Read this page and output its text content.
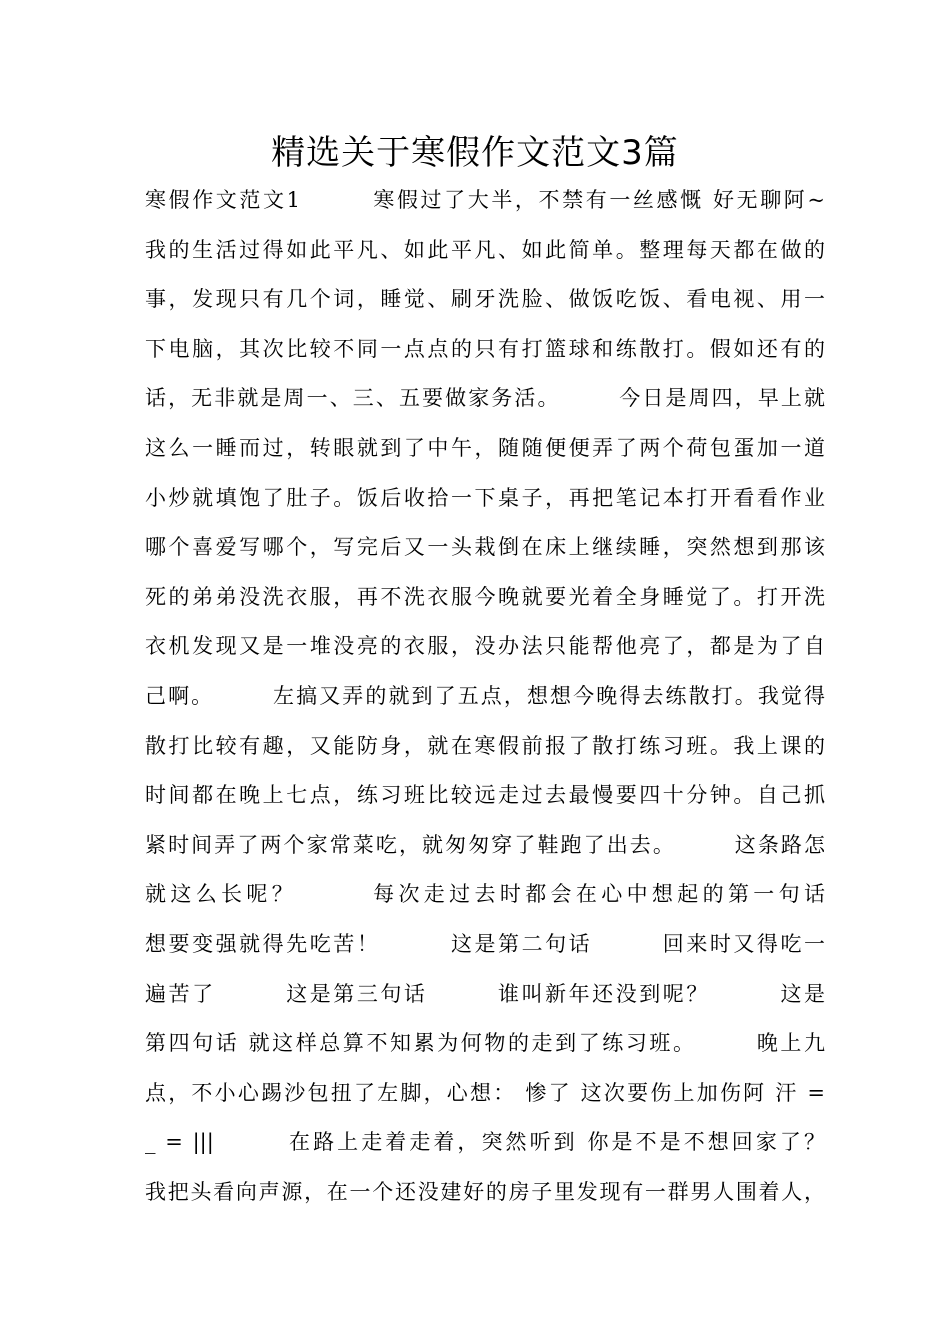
精选关于寒假作文范文3篇
寒假作文范文1　　　寒假过了大半，不禁有一丝感慨 好无聊阿~
我的生活过得如此平凡、如此平凡、如此简单。整理每天都在做的
事，发现只有几个词，睡觉、刷牙洗脸、做饭吃饭、看电视、用一
下电脑，其次比较不同一点点的只有打篮球和练散打。假如还有的
话，无非就是周一、三、五要做家务活。　　　今日是周四，早上就
这么一睡而过，转眼就到了中午，随随便便弄了两个荷包蛋加一道
小炒就填饱了肚子。饭后收拾一下桌子，再把笔记本打开看看作业
哪个喜爱写哪个，写完后又一头栽倒在床上继续睡，突然想到那该
死的弟弟没洗衣服，再不洗衣服今晚就要光着全身睡觉了。打开洗
衣机发现又是一堆没亮的衣服，没办法只能帮他亮了，都是为了自
己啊。　　　左搞又弄的就到了五点，想想今晚得去练散打。我觉得
散打比较有趣，又能防身，就在寒假前报了散打练习班。我上课的
时间都在晚上七点，练习班比较远走过去最慢要四十分钟。自己抓
紧时间弄了两个家常菜吃，就匆匆穿了鞋跑了出去。　　　这条路怎
就这么长呢？　　　每次走过去时都会在心中想起的第一句话
想要变强就得先吃苦！　　　这是第二句话　　　回来时又得吃一
遍苦了　　　这是第三句话　　　谁叫新年还没到呢？　　　这是
第四句话 就这样总算不知累为何物的走到了练习班。　　　晚上九
点，不小心踢沙包扭了左脚，心想： 惨了 这次要伤上加伤阿 汗 =
_ = |||　　　在路上走着走着，突然听到 你是不是不想回家了？
我把头看向声源，在一个还没建好的房子里发现有一群男人围着人，
